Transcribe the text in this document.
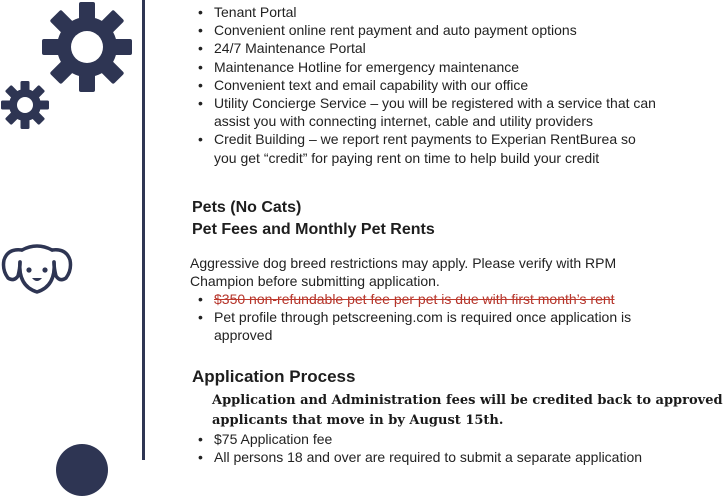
• Tenant Portal
• Convenient online rent payment and auto payment options
• 24/7 Maintenance Portal
• Maintenance Hotline for emergency maintenance
• Convenient text and email capability with our office
• Utility Concierge Service – you will be registered with a service that can
assist you with connecting internet, cable and utility providers
• Credit Building – we report rent payments to Experian RentBurea so
you get “credit” for paying rent on time to help build your credit
Pets (No Cats)
Pet Fees and Monthly Pet Rents
Aggressive dog breed restrictions may apply. Please verify with RPM
Champion before submitting application.
• $350 non-refundable pet fee per pet is due with first month’s rent
• Pet profile through petscreening.com is required once application is
approved
Application Process
Application and Administration fees will be credited back to approved
applicants that move in by August 15th.
• $75 Application fee
• All persons 18 and over are required to submit a separate application
